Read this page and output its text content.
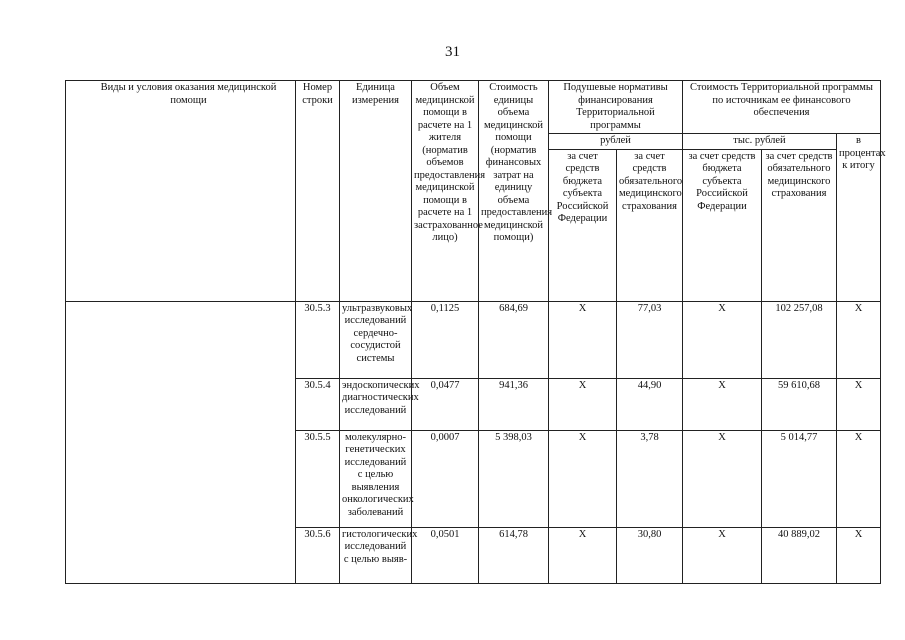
31
Виды и условия оказания медицинской помощи	Номер строки	Единица измерения	Объем медицинской помощи в расчете на 1 жителя (норматив объемов предоставления медицинской помощи в расчете на 1 застрахованное лицо)	Стоимость единицы объема медицинской помощи (норматив финансовых затрат на единицу объема предоставления медицинской помощи)	Подушевые нормативы финансирования Территориальной программы		Стоимость Территориальной программы по источникам ее финансового обеспечения		
					рублей		тыс. рублей		в процентах к итогу
					за счет средств бюджета субъекта Российской Федерации	за счет средств обязательного медицинского страхования	за счет средств бюджета субъекта Российской Федерации	за счет средств обязательного медицинского страхования	
	30.5.3	ультразвуковых исследований сердечно-сосудистой системы	0,1125	684,69	X	77,03	X	102 257,08	X
	30.5.4	эндоскопических диагностических исследований	0,0477	941,36	X	44,90	X	59 610,68	X
	30.5.5	молекулярно-генетических исследований с целью выявления онкологических заболеваний	0,0007	5 398,03	X	3,78	X	5 014,77	X
	30.5.6	гистологических исследований с целью выяв-	0,0501	614,78	X	30,80	X	40 889,02	X
